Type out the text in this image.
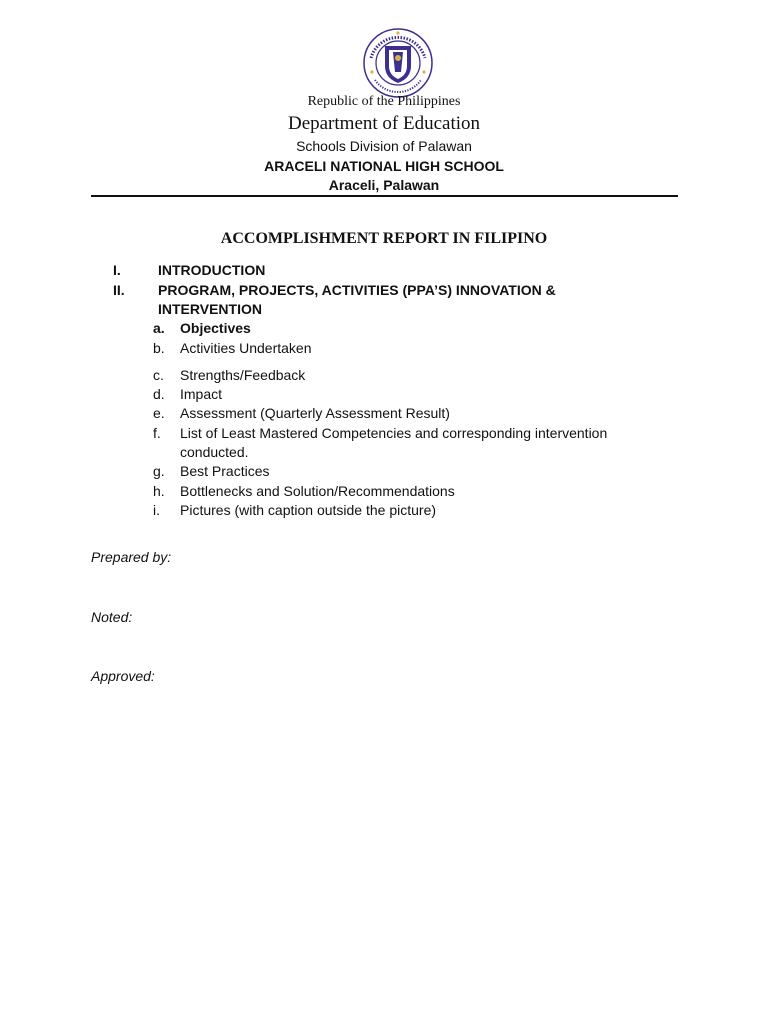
Republic of the Philippines
Department of Education
Schools Division of Palawan
ARACELI NATIONAL HIGH SCHOOL
Araceli, Palawan
ACCOMPLISHMENT REPORT IN FILIPINO
I.	INTRODUCTION
II. PROGRAM, PROJECTS, ACTIVITIES (PPA’S) INNOVATION & INTERVENTION
a. Objectives
b. Activities Undertaken
c. Strengths/Feedback
d. Impact
e. Assessment (Quarterly Assessment Result)
f. List of Least Mastered Competencies and corresponding intervention conducted.
g. Best Practices
h. Bottlenecks and Solution/Recommendations
i. Pictures (with caption outside the picture)
Prepared by:
Noted:
Approved:
